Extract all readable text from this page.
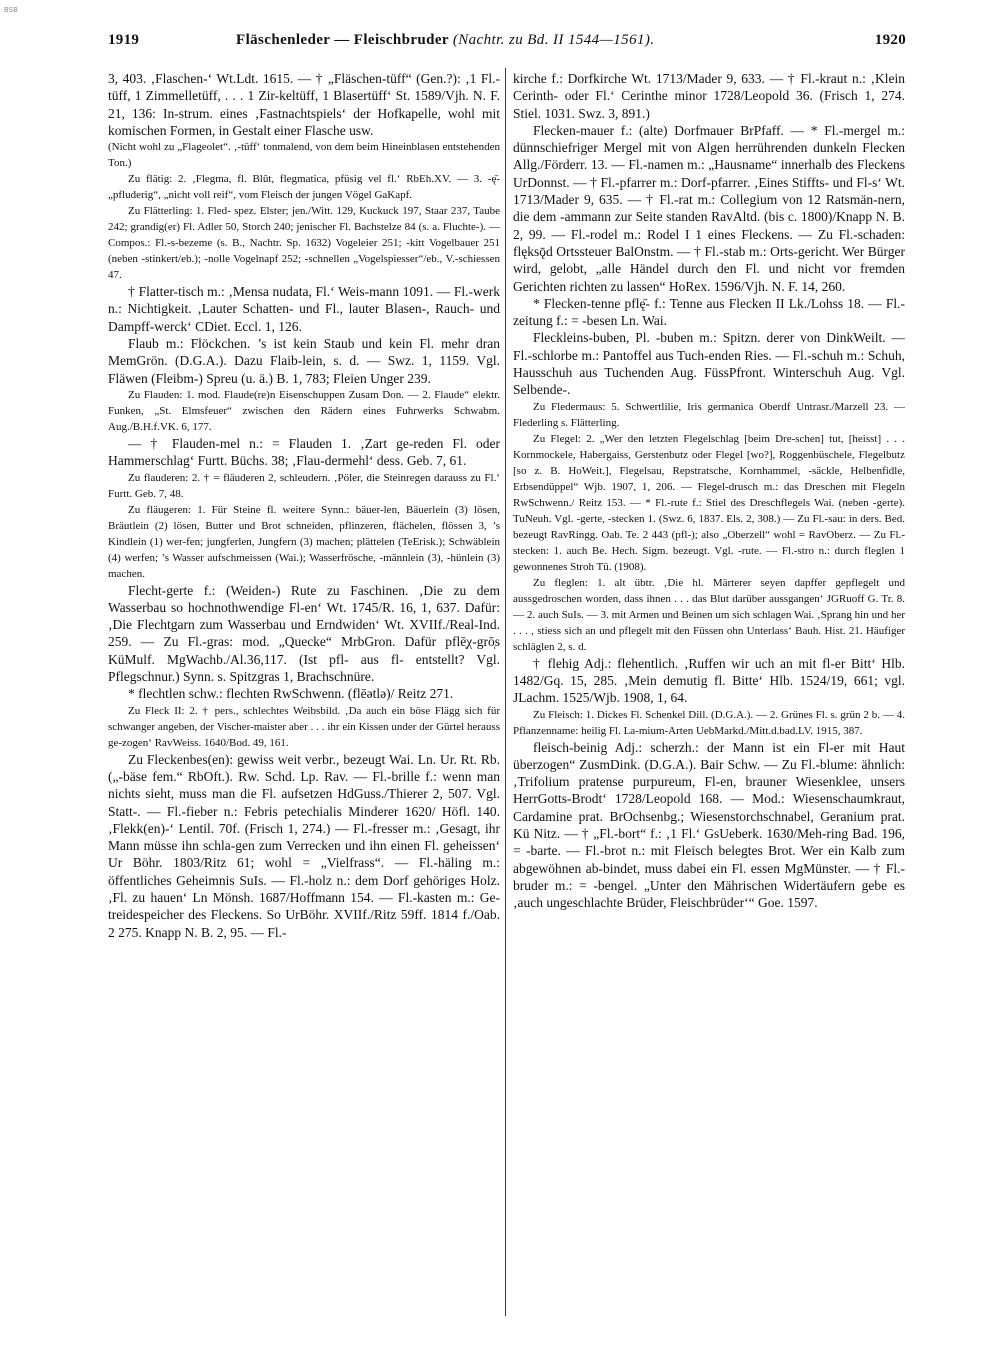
BSB
1919	Fläschenleder — Fleischbruder (Nachtr. zu Bd. II 1544—1561).	1920

3, 403. ‚Flaschen-‘ Wt.Ldt. 1615. — † „Fläschen-tüff“ (Gen.?): ‚1 Fl.-tüff, 1 Zimmelletüff, . . . 1 Zir-keltüff, 1 Blasertüff‘ St. 1589/Vjh. N. F. 21, 136: In-strum. eines ‚Fastnachtspiels‘ der Hofkapelle, wohl mit komischen Formen, in Gestalt einer Flasche usw.

(Nicht wohl zu „Flageolet“. ‚-tüff‘ tonmalend, von dem beim Hineinblasen entstehenden Ton.)

Zu flätig: 2. ‚Flegma, fl. Blût, flegmatica, pfüsig vel fl.‘ RbEh.XV. — 3. -ę̄- „pfluderig“, „nicht voll reif“, vom Fleisch der jungen Vögel GaKapf.

Zu Flätterling: 1. Fled- spez. Elster; jen./Witt. 129, Kuckuck 197, Staar 237, Taube 242; grandig(er) Fl. Adler 50, Storch 240; jenischer Fl. Bachstelze 84 (s. a. Fluchte-). — Compos.: Fl.-s-bezeme (s. B., Nachtr. Sp. 1632) Vogeleier 251; -kitt Vogelbauer 251 (neben -stinkert/eb.); -nolle Vogelnapf 252; -schnellen „Vogelspiesser“/eb., V.-schiessen 47.

† Flatter-tisch m.: ‚Mensa nudata, Fl.‘ Weis-mann 1091. — Fl.-werk n.: Nichtigkeit. ‚Lauter Schatten- und Fl., lauter Blasen-, Rauch- und Dampff-werck‘ CDiet. Eccl. 1, 126.

Flaub m.: Flöckchen. ’s ist kein Staub und kein Fl. mehr dran MemGrön. (D.G.A.). Dazu Flaib-lein, s. d. — Swz. 1, 1159. Vgl. Fläwen (Fleibm-) Spreu (u. ä.) B. 1, 783; Fleien Unger 239.

Zu Flauden: 1. mod. Flaude(re)n Eisenschuppen Zusam Don. — 2. Flaude“ elektr. Funken, „St. Elmsfeuer“ zwischen den Rädern eines Fuhrwerks Schwabm. Aug./B.H.f.VK. 6, 177.

— † Flauden-mel n.: = Flauden 1. ‚Zart ge-reden Fl. oder Hammerschlag‘ Furtt. Büchs. 38; ‚Flau-dermehl‘ dess. Geb. 7, 61.

Zu flauderen: 2. † = fläuderen 2, schleudern. ‚Pöler, die Steinregen darauss zu Fl.‘ Furtt. Geb. 7, 48.

Zu fläugeren: 1. Für Steine fl. weitere Synn.: bäuer-len, Bäuerlein (3) lösen, Bräutlein (2) lösen, Butter und Brot schneiden, pflinzeren, flächelen, flössen 3, ’s Kindlein (1) wer-fen; jungferlen, Jungfern (3) machen; plättelen (TeErisk.); Schwäblein (4) werfen; ’s Wasser aufschmeissen (Wai.); Wasserfrösche, -männlein (3), -hünlein (3) machen.

Flecht-gerte f.: (Weiden-) Rute zu Faschinen. ‚Die zu dem Wasserbau so hochnothwendige Fl-en‘ Wt. 1745/R. 16, 1, 637. Dafür: ‚Die Flechtgarn zum Wasserbau und Erndwiden‘ Wt. XVIIf./Real-Ind. 259. — Zu Fl.-gras: mod. „Quecke“ MrbGron. Dafür pflē̜χ-grō̜s KüMulf. MgWachb./Al.36,117. (Ist pfl- aus fl- entstellt? Vgl. Pflegschnur.) Synn. s. Spitzgras 1, Brachschnüre.

* flechtlen schw.: flechten RwSchwenn. (flēǝtlǝ)/ Reitz 271.

Zu Fleck II: 2. † pers., schlechtes Weibsbild. ‚Da auch ein böse Flägg sich für schwanger angeben, der Vischer-maister aber . . . ihr ein Kissen under der Gürtel herauss ge-zogen‘ RavWeiss. 1640/Bod. 49, 161.

Zu Fleckenbes(en): gewiss weit verbr., bezeugt Wai. Ln. Ur. Rt. Rb. („-bäse fem.“ RbOft.). Rw. Schd. Lp. Rav. — Fl.-brille f.: wenn man nichts sieht, muss man die Fl. aufsetzen HdGuss./Thierer 2, 507. Vgl. Statt-. — Fl.-fieber n.: Febris petechialis Minderer 1620/ Höfl. 140. ‚Flekk(en)-‘ Lentil. 70f. (Frisch 1, 274.) — Fl.-fresser m.: ‚Gesagt, ihr Mann müsse ihn schla-gen zum Verrecken und ihn einen Fl. geheissen‘ Ur Böhr. 1803/Ritz 61; wohl = „Vielfrass“. — Fl.-häling m.: öffentliches Geheimnis SuIs. — Fl.-holz n.: dem Dorf gehöriges Holz. ‚Fl. zu hauen‘ Ln Mönsh. 1687/Hoffmann 154. — Fl.-kasten m.: Ge-treidespeicher des Fleckens. So UrBöhr. XVIIf./Ritz 59ff. 1814 f./Oab. 2 275. Knapp N. B. 2, 95. — Fl.-

kirche f.: Dorfkirche Wt. 1713/Mader 9, 633. — † Fl.-kraut n.: ‚Klein Cerinth- oder Fl.‘ Cerinthe minor 1728/Leopold 36. (Frisch 1, 274. Stiel. 1031. Swz. 3, 891.)

Flecken-mauer f.: (alte) Dorfmauer BrPfaff. — * Fl.-mergel m.: dünnschiefriger Mergel mit von Algen herrührenden dunkeln Flecken Allg./Förderr. 13. — Fl.-namen m.: „Hausname“ innerhalb des Fleckens UrDonnst. — † Fl.-pfarrer m.: Dorf-pfarrer. ‚Eines Stiffts- und Fl-s‘ Wt. 1713/Mader 9, 635. — † Fl.-rat m.: Collegium von 12 Ratsmän-nern, die dem -ammann zur Seite standen RavAltd. (bis c. 1800)/Knapp N. B. 2, 99. — Fl.-rodel m.: Rodel I 1 eines Fleckens. — Zu Fl.-schaden: flęksǭd Ortssteuer BalOnstm. — † Fl.-stab m.: Orts-gericht. Wer Bürger wird, gelobt, „alle Händel durch den Fl. und nicht vor fremden Gerichten richten zu lassen“ HoRex. 1596/Vjh. N. F. 14, 260.

* Flecken-tenne pflę̄- f.: Tenne aus Flecken II Lk./Lohss 18. — Fl.-zeitung f.: = -besen Ln. Wai.

Fleckleins-buben, Pl. -buben m.: Spitzn. derer von DinkWeilt. — Fl.-schlorbe m.: Pantoffel aus Tuch-enden Ries. — Fl.-schuh m.: Schuh, Hausschuh aus Tuchenden Aug. FüssPfront. Winterschuh Aug. Vgl. Selbende-.

Zu Fledermaus: 5. Schwertlilie, Iris germanica Oberdf Untrasr./Marzell 23. — Flederling s. Flätterling.

Zu Flegel: 2. „Wer den letzten Flegelschlag [beim Dre-schen] tut, [heisst] . . . Kornmockele, Habergaiss, Gerstenbutz oder Flegel [wo?], Roggenbüschele, Flegelbutz [so z. B. HoWeit.], Flegelsau, Repstratsche, Kornhammel, -säckle, Helbenfidle, Erbsendüppel“ Wjb. 1907, 1, 206. — Flegel-drusch m.: das Dreschen mit Flegeln RwSchwenn./ Reitz 153. — * Fl.-rute f.: Stiel des Dreschflegels Wai. (neben -gerte). TuNeuh. Vgl. -gerte, -stecken 1. (Swz. 6, 1837. Els. 2, 308.) — Zu Fl.-sau: in ders. Bed. bezeugt RavRingg. Oab. Te. 2 443 (pfl-); also „Oberzell“ wohl = RavOberz. — Zu Fl.-stecken: 1. auch Be. Hech. Sigm. bezeugt. Vgl. -rute. — Fl.-stro n.: durch fleglen 1 gewonnenes Stroh Tü. (1908).

Zu fleglen: 1. alt übtr. ‚Die hl. Märterer seyen dapffer gepflegelt und aussgedroschen worden, dass ihnen . . . das Blut darüber aussgangen‘ JGRuoff G. Tr. 8. — 2. auch SuIs. — 3. mit Armen und Beinen um sich schlagen Wai. ‚Sprang hin und her . . . , stiess sich an und pflegelt mit den Füssen ohn Unterlass‘ Bauh. Hist. 21. Häufiger schläglen 2, s. d.

† flehig Adj.: flehentlich. ‚Ruffen wir uch an mit fl-er Bitt‘ Hlb. 1482/Gq. 15, 285. ‚Mein demutig fl. Bitte‘ Hlb. 1524/19, 661; vgl. JLachm. 1525/Wjb. 1908, 1, 64.

Zu Fleisch: 1. Dickes Fl. Schenkel Dill. (D.G.A.). — 2. Grünes Fl. s. grün 2 b. — 4. Pflanzenname: heilig Fl. La-mium-Arten UebMarkd./Mitt.d.bad.LV. 1915, 387.

fleisch-beinig Adj.: scherzh.: der Mann ist ein Fl-er mit Haut überzogen“ ZusmDink. (D.G.A.). Bair Schw. — Zu Fl.-blume: ähnlich: ‚Trifolium pratense purpureum, Fl-en, brauner Wiesenklee, unsers HerrGotts-Brodt‘ 1728/Leopold 168. — Mod.: Wiesenschaumkraut, Cardamine prat. BrOchsenbg.; Wiesenstorchschnabel, Geranium prat. Kü Nitz. — † „Fl.-bort“ f.: ‚1 Fl.‘ GsUeberk. 1630/Meh-ring Bad. 196, = -barte. — Fl.-brot n.: mit Fleisch belegtes Brot. Wer ein Kalb zum abgewöhnen ab-bindet, muss dabei ein Fl. essen MgMünster. — † Fl.-bruder m.: = -bengel. „Unter den Mährischen Widertäufern gebe es ‚auch ungeschlachte Brüder, Fleischbrüder‘“ Goe. 1597.
